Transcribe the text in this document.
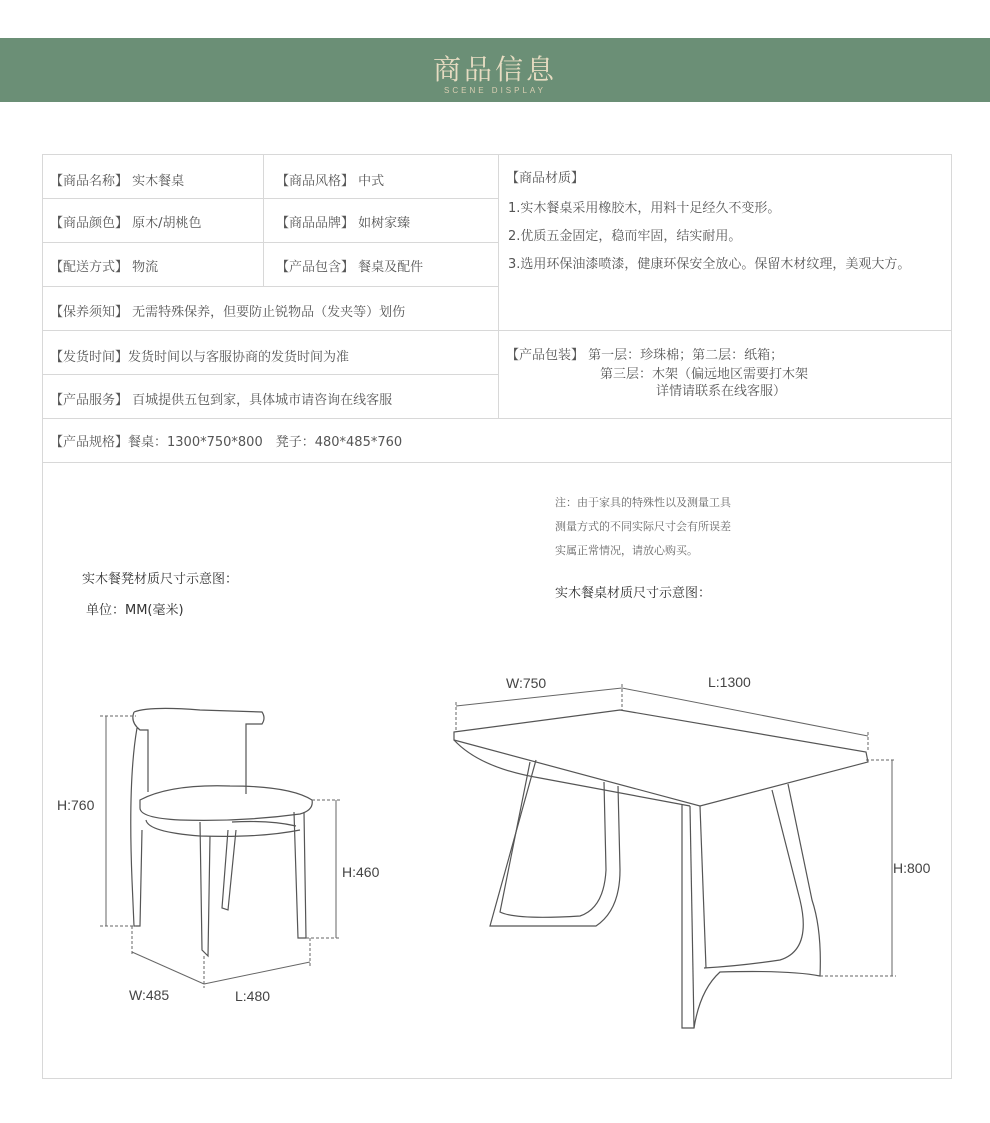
商品信息
SCENE DISPLAY
【商品名称】 实木餐桌	【商品风格】 中式
【商品颜色】 原木/胡桃色	【商品品牌】 如树家臻
【配送方式】 物流	【产品包含】 餐桌及配件
【保养须知】 无需特殊保养，但要防止锐物品（发夹等）划伤
【商品材质】
1.实木餐桌采用橡胶木，用料十足经久不变形。
2.优质五金固定，稳而牢固，结实耐用。
3.选用环保油漆喷漆，健康环保安全放心。保留木材纹理，美观大方。
【发货时间】发货时间以与客服协商的发货时间为准
【产品服务】 百城提供五包到家，具体城市请咨询在线客服
【产品包装】 第一层：珍珠棉；第二层：纸箱；
第三层：木架（偏远地区需要打木架
详情请联系在线客服）
【产品规格】餐桌：1300*750*800　凳子：480*485*760
注：由于家具的特殊性以及测量工具
测量方式的不同实际尺寸会有所误差
实属正常情况，请放心购买。
实木餐凳材质尺寸示意图：
单位：MM(毫米)
实木餐桌材质尺寸示意图：
H:760
H:460
W:485	L:480
W:750	L:1300
H:800
